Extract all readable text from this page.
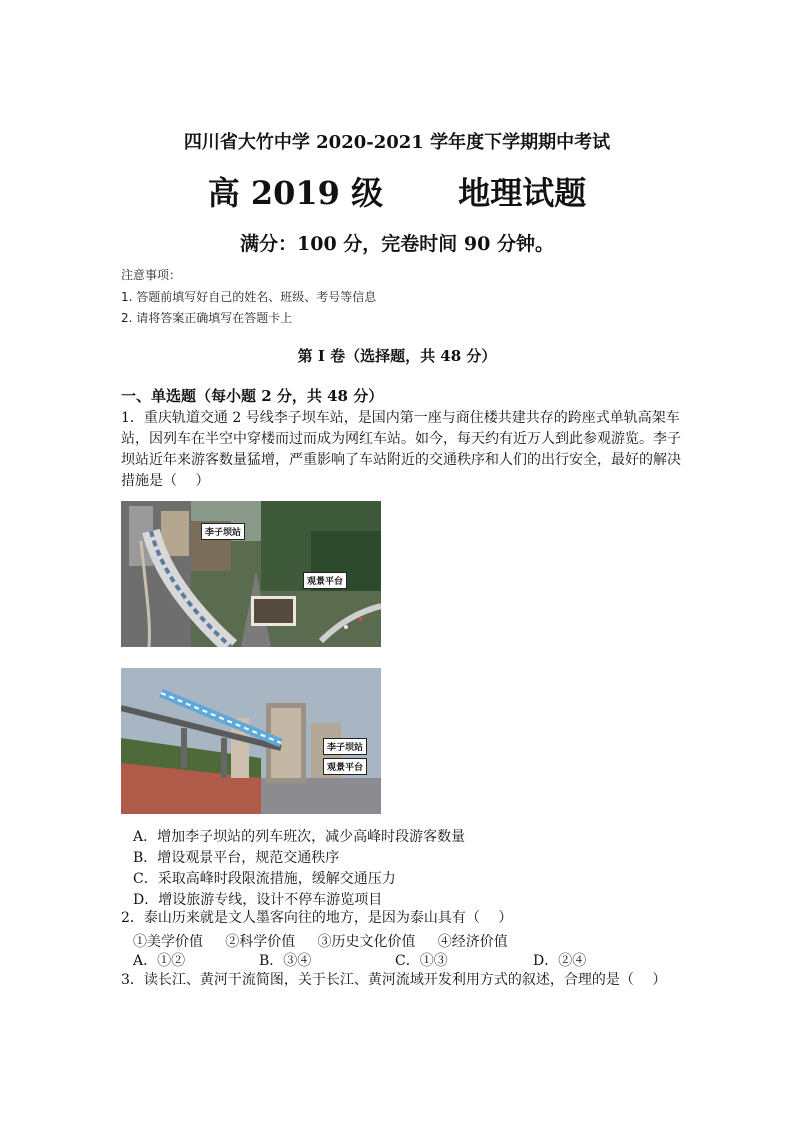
四川省大竹中学 2020-2021 学年度下学期期中考试
高 2019 级 地理试题
满分：100 分，完卷时间 90 分钟。
注意事项：
1. 答题前填写好自己的姓名、班级、考号等信息
2. 请将答案正确填写在答题卡上
第 I 卷（选择题，共 48 分）
一、单选题（每小题 2 分，共 48 分）
1．重庆轨道交通 2 号线李子坝车站，是国内第一座与商住楼共建共存的跨座式单轨高架车
站，因列车在半空中穿楼而过而成为网红车站。如今，每天约有近万人到此参观游览。李子
坝站近年来游客数量猛增，严重影响了车站附近的交通秩序和人们的出行安全，最好的解决
措施是（　 ）
李子坝站
观景平台
李子坝站
观景平台
A．增加李子坝站的列车班次，减少高峰时段游客数量
B．增设观景平台，规范交通秩序
C．采取高峰时段限流措施，缓解交通压力
D．增设旅游专线，设计不停车游览项目
2．泰山历来就是文人墨客向往的地方，是因为泰山具有（　 ）
①美学价值 ②科学价值 ③历史文化价值 ④经济价值
A．①②	B．③④	C．①③	D．②④
3．读长江、黄河干流简图，关于长江、黄河流域开发利用方式的叙述，合理的是（　 ）
